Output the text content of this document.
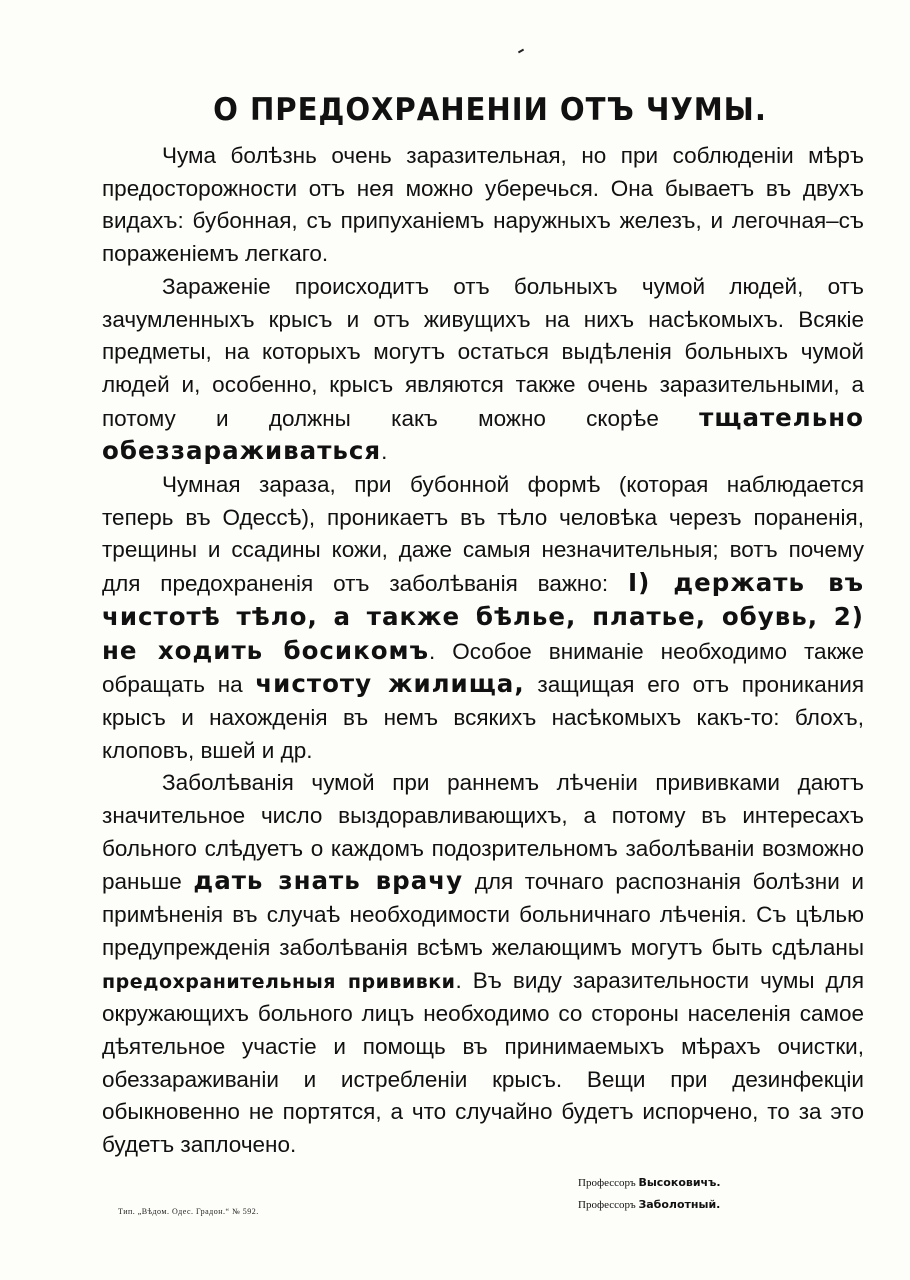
О ПРЕДОХРАНЕНIИ ОТЪ ЧУМЫ.

Чума болѣзнь очень заразительная, но при соблюденіи мѣръ предосторожности отъ нея можно уберечься. Она бываетъ въ двухъ видахъ: бубонная, съ припуханіемъ наружныхъ железъ, и легочная–съ пораженіемъ легкаго.

Зараженіе происходитъ отъ больныхъ чумой людей, отъ зачумленныхъ крысъ и отъ живущихъ на нихъ насѣкомыхъ. Всякіе предметы, на которыхъ могутъ остаться выдѣленія больныхъ чумой людей и, особенно, крысъ являются также очень заразительными, а потому и должны какъ можно скорѣе тщательно обеззараживаться.

Чумная зараза, при бубонной формѣ (которая наблюдается теперь въ Одессѣ), проникаетъ въ тѣло человѣка черезъ пораненія, трещины и ссадины кожи, даже самыя незначительныя; вотъ почему для предохраненія отъ заболѣванія важно: I) держать въ чистотѣ тѣло, а также бѣлье, платье, обувь, 2) не ходить босикомъ. Особое вниманіе необходимо также обращать на чистоту жилища, защищая его отъ проникания крысъ и нахожденія въ немъ всякихъ насѣкомыхъ какъ-то: блохъ, клоповъ, вшей и др.

Заболѣванія чумой при раннемъ лѣченіи прививками даютъ значительное число выздоравливающихъ, а потому въ интересахъ больного слѣдуетъ о каждомъ подозрительномъ заболѣваніи возможно раньше дать знать врачу для точнаго распознанія болѣзни и примѣненія въ случаѣ необходимости больничнаго лѣченія. Съ цѣлью предупрежденія заболѣванія всѣмъ желающимъ могутъ быть сдѣланы предохранительныя прививки. Въ виду заразительности чумы для окружающихъ больного лицъ необходимо со стороны населенія самое дѣятельное участіе и помощь въ принимаемыхъ мѣрахъ очистки, обеззараживаніи и истребленіи крысъ. Вещи при дезинфекціи обыкновенно не портятся, а что случайно будетъ испорчено, то за это будетъ заплочено.

Профессоръ Высоковичъ.
Профессоръ Заболотный.
Тип. „Вѣдом. Одес. Градон.“ № 592.
